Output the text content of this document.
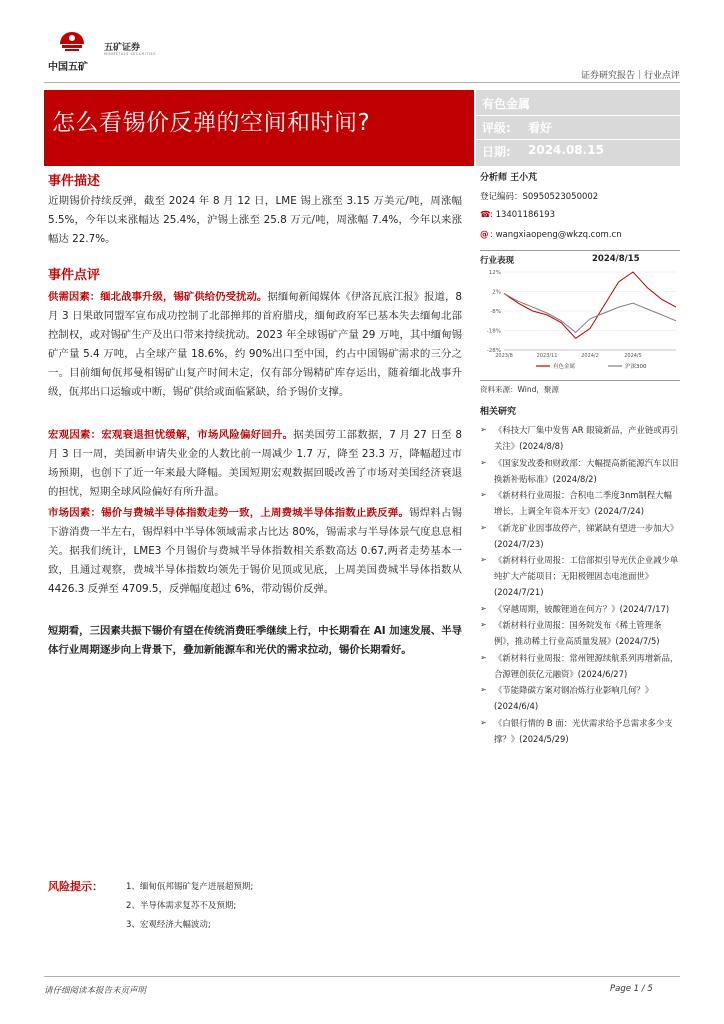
中国五矿
五矿证券
MINMETALS SECURITIES
证券研究报告｜行业点评
怎么看锡价反弹的空间和时间?
有色金属
评级: 看好
日期: 2024.08.15
事件描述
近期锡价持续反弹，截至 2024 年 8 月 12 日，LME 锡上涨至 3.15 万美元/吨，周涨幅 5.5%，今年以来涨幅达 25.4%，沪锡上涨至 25.8 万元/吨，周涨幅 7.4%，今年以来涨幅达 22.7%。
事件点评
供需因素：缅北战事升级，锡矿供给仍受扰动。据缅甸新闻媒体《伊洛瓦底江报》报道，8 月 3 日果敢同盟军宣布成功控制了北部掸邦的首府腊戌，缅甸政府军已基本失去缅甸北部控制权，或对锡矿生产及出口带来持续扰动。2023 年全球锡矿产量 29 万吨，其中缅甸锡矿产量 5.4 万吨，占全球产量 18.6%，约 90%出口至中国，约占中国锡矿需求的三分之一。目前缅甸佤邦曼相锡矿山复产时间未定，仅有部分锡精矿库存运出，随着缅北战事升级，佤邦出口运输或中断，锡矿供给或面临紧缺，给予锡价支撑。
宏观因素：宏观衰退担忧缓解，市场风险偏好回升。据美国劳工部数据，7 月 27 日至 8 月 3 日一周，美国新申请失业金的人数比前一周减少 1.7 万，降至 23.3 万，降幅超过市场预期，也创下了近一年来最大降幅。美国短期宏观数据回暖改善了市场对美国经济衰退的担忧，短期全球风险偏好有所升温。
市场因素：锡价与费城半导体指数走势一致，上周费城半导体指数止跌反弹。锡焊料占锡下游消费一半左右，锡焊料中半导体领域需求占比达 80%，锡需求与半导体景气度息息相关。据我们统计，LME3 个月锡价与费城半导体指数相关系数高达 0.67,两者走势基本一致，且通过观察，费城半导体指数均领先于锡价见顶或见底，上周美国费城半导体指数从 4426.3 反弹至 4709.5，反弹幅度超过 6%，带动锡价反弹。
短期看，三因素共振下锡价有望在传统消费旺季继续上行，中长期看在 AI 加速发展、半导体行业周期逐步向上背景下，叠加新能源车和光伏的需求拉动，锡价长期看好。
分析师 王小芃
登记编码：S0950523050002
☎: 13401186193
@ : wangxiaopeng@wkzq.com.cn
行业表现	2024/8/15
12%
2%
-8%
-18%
-28%
2023/8	2023/11	2024/2	2024/5
有色金属	沪深300
资料来源：Wind，聚源
相关研究
➢ 《科技大厂集中发售 AR 眼镜新品，产业链或再引关注》(2024/8/8)
➢ 《国家发改委和财政部：大幅提高新能源汽车以旧换新补贴标准》(2024/8/2)
➢ 《新材料行业周报：合积电二季度3nm制程大幅增长，上调全年资本开支》(2024/7/24)
➢ 《新龙矿业因事故停产，锑紧缺有望进一步加大》(2024/7/23)
➢ 《新材料行业周报：工信部拟引导光伏企业减少单纯扩大产能项目；无阳极锂固态电池面世》(2024/7/21)
➢ 《穿越周期，铍酸锂道在何方？》(2024/7/17)
➢ 《新材料行业周报：国务院发布《稀土管理条例》，推动稀土行业高质量发展》(2024/7/5)
➢ 《新材料行业周报：常州锂源续航系列再增新品，合源锂创获亿元融资》(2024/6/27)
➢ 《节能降碳方案对钢冶炼行业影响几何？》(2024/6/4)
➢ 《白银行情的 B 面：光伏需求给予总需求多少支撑？》(2024/5/29)
风险提示：	1、缅甸佤邦锡矿复产进展超预期;
2、半导体需求复苏不及预期;
3、宏观经济大幅波动;
请仔细阅读本报告末页声明	Page 1 / 5
